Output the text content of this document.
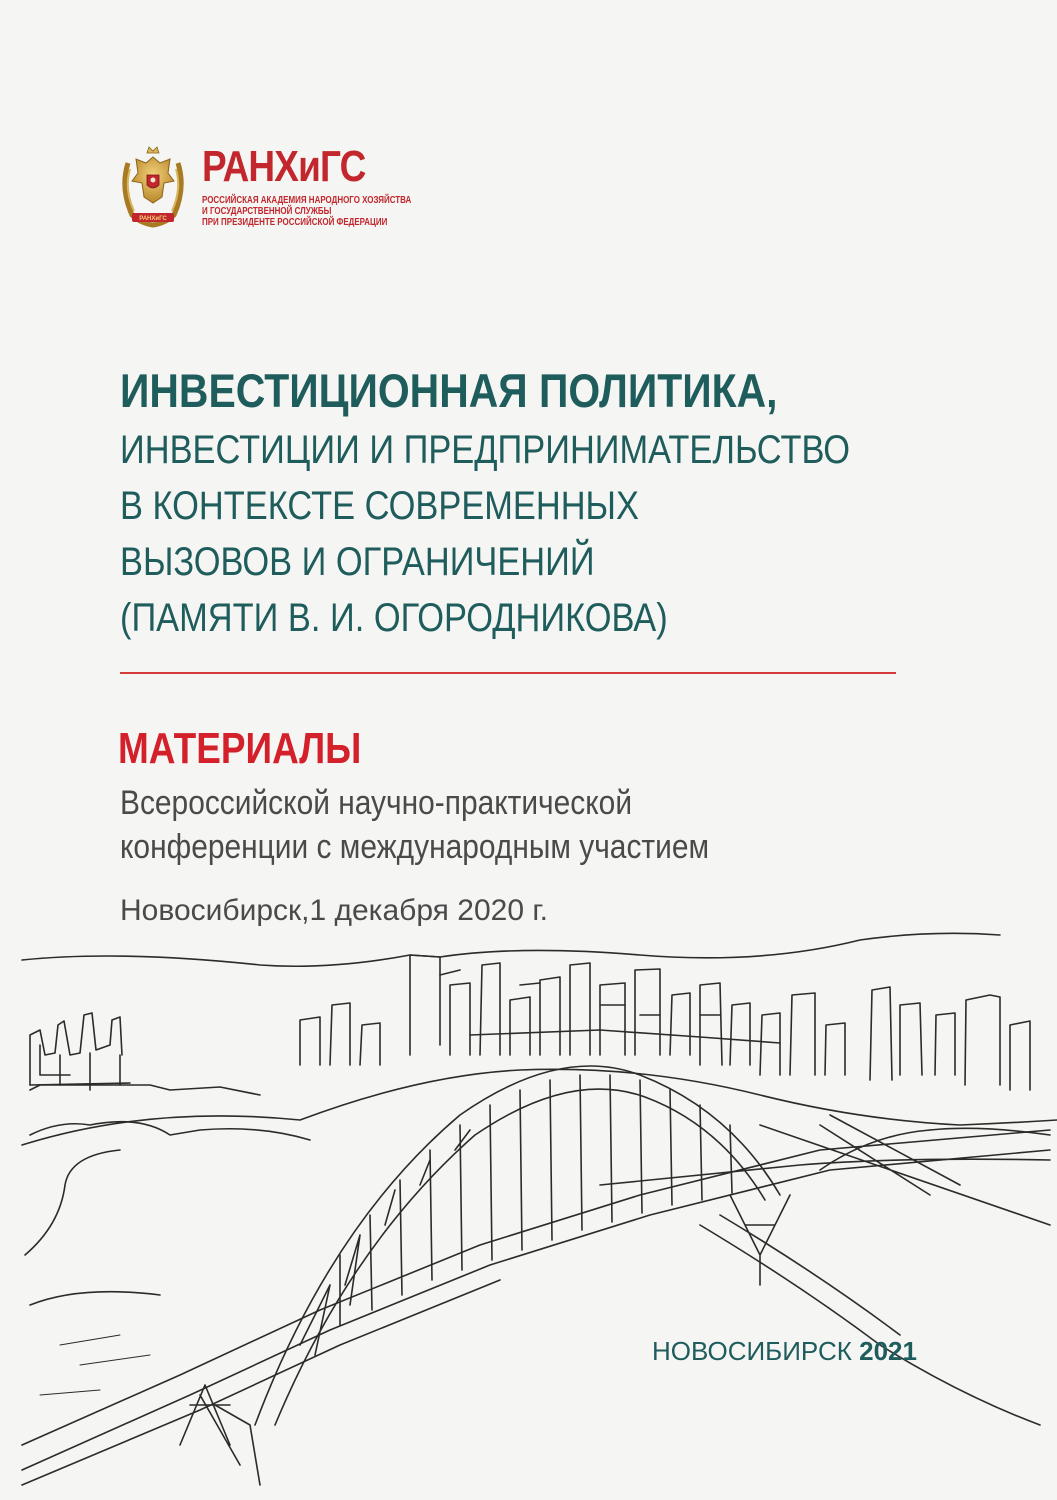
РАНХиГС
РАНХиГС
РОССИЙСКАЯ АКАДЕМИЯ НАРОДНОГО ХОЗЯЙСТВА
И ГОСУДАРСТВЕННОЙ СЛУЖБЫ
ПРИ ПРЕЗИДЕНТЕ РОССИЙСКОЙ ФЕДЕРАЦИИ
ИНВЕСТИЦИОННАЯ ПОЛИТИКА,
ИНВЕСТИЦИИ И ПРЕДПРИНИМАТЕЛЬСТВО
В КОНТЕКСТЕ СОВРЕМЕННЫХ
ВЫЗОВОВ И ОГРАНИЧЕНИЙ
(ПАМЯТИ В. И. ОГОРОДНИКОВА)
МАТЕРИАЛЫ
Всероссийской научно-практической
конференции с международным участием
Новосибирск,1 декабря 2020 г.
НОВОСИБИРСК 2021
